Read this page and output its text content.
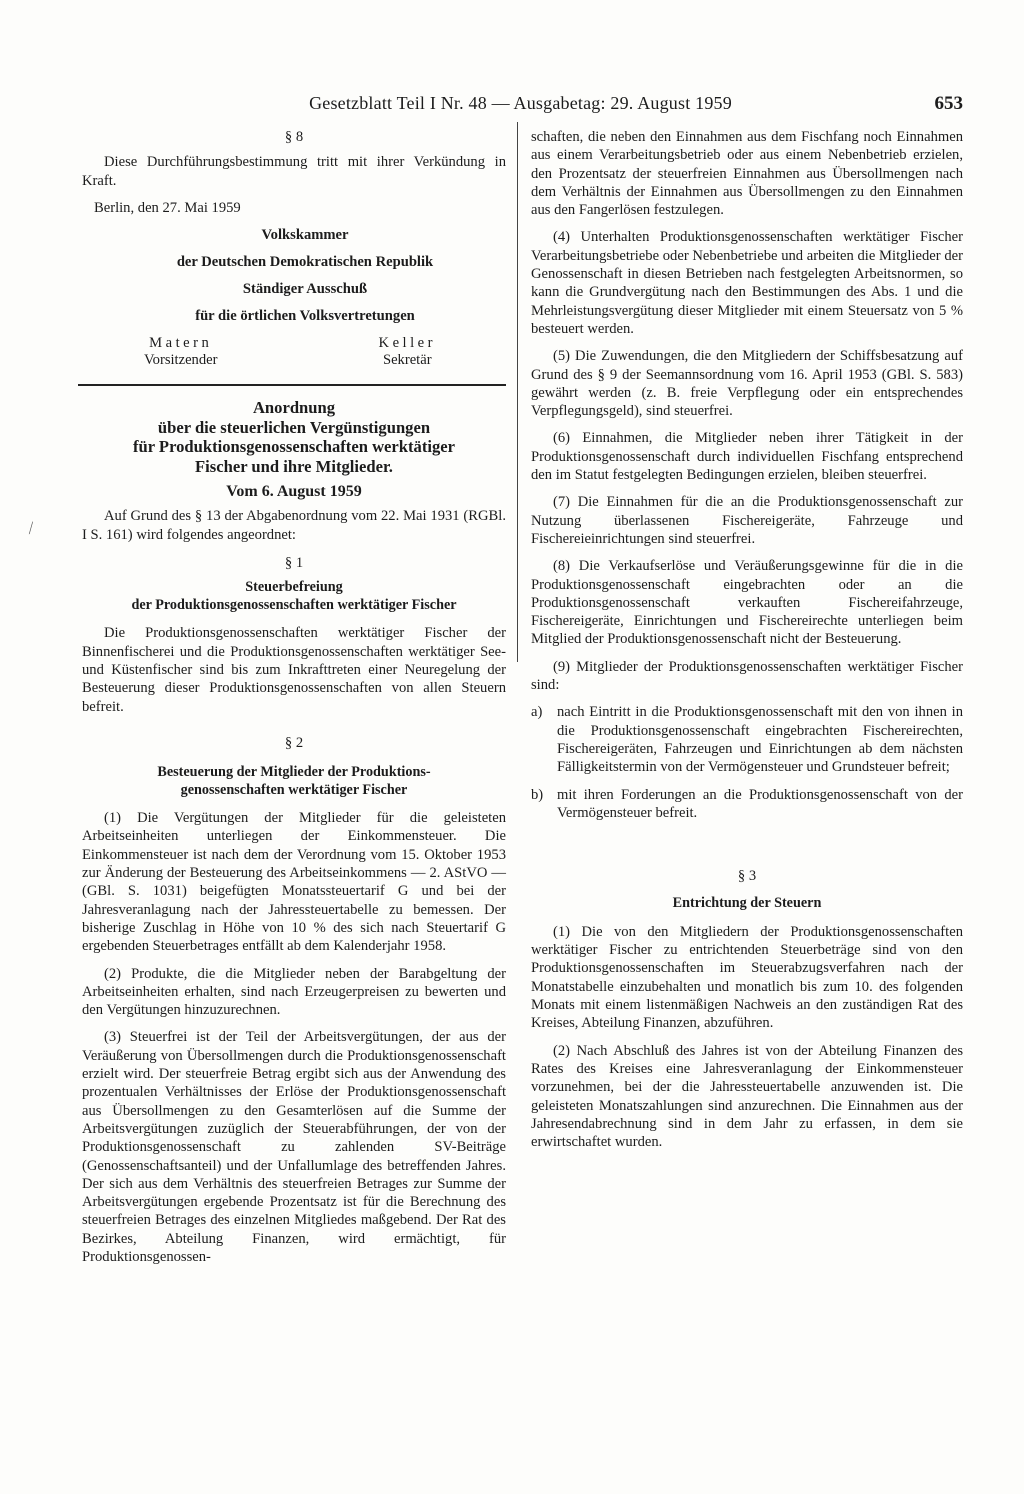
Gesetzblatt Teil I Nr. 48 — Ausgabetag: 29. August 1959	653
⁄
§ 8

Diese Durchführungsbestimmung tritt mit ihrer Verkündung in Kraft.

Berlin, den 27. Mai 1959

Volkskammer

der Deutschen Demokratischen Republik

Ständiger Ausschuß

für die örtlichen Volksvertretungen

Matern
Vorsitzender
Keller
Sekretär
Anordnung
über die steuerlichen Vergünstigungen
für Produktionsgenossenschaften werktätiger
Fischer und ihre Mitglieder.
Vom 6. August 1959

Auf Grund des § 13 der Abgabenordnung vom 22. Mai 1931 (RGBl. I S. 161) wird folgendes angeordnet:

§ 1
Steuerbefreiung
der Produktionsgenossenschaften werktätiger Fischer

Die Produktionsgenossenschaften werktätiger Fischer der Binnenfischerei und die Produktionsgenossenschaften werktätiger See- und Küstenfischer sind bis zum Inkrafttreten einer Neuregelung der Besteuerung dieser Produktionsgenossenschaften von allen Steuern befreit.

§ 2
Besteuerung der Mitglieder der Produktions-
genossenschaften werktätiger Fischer

(1) Die Vergütungen der Mitglieder für die geleisteten Arbeitseinheiten unterliegen der Einkommensteuer. Die Einkommensteuer ist nach dem der Verordnung vom 15. Oktober 1953 zur Änderung der Besteuerung des Arbeitseinkommens — 2. AStVO — (GBl. S. 1031) beigefügten Monatssteuertarif G und bei der Jahresveranlagung nach der Jahressteuertabelle zu bemessen. Der bisherige Zuschlag in Höhe von 10 % des sich nach Steuertarif G ergebenden Steuerbetrages entfällt ab dem Kalenderjahr 1958.

(2) Produkte, die die Mitglieder neben der Barabgeltung der Arbeitseinheiten erhalten, sind nach Erzeugerpreisen zu bewerten und den Vergütungen hinzuzurechnen.

(3) Steuerfrei ist der Teil der Arbeitsvergütungen, der aus der Veräußerung von Übersollmengen durch die Produktionsgenossenschaft erzielt wird. Der steuerfreie Betrag ergibt sich aus der Anwendung des prozentualen Verhältnisses der Erlöse der Produktionsgenossenschaft aus Übersollmengen zu den Gesamterlösen auf die Summe der Arbeitsvergütungen zuzüglich der Steuerabführungen, der von der Produktionsgenossenschaft zu zahlenden SV-Beiträge (Genossenschaftsanteil) und der Unfallumlage des betreffenden Jahres. Der sich aus dem Verhältnis des steuerfreien Betrages zur Summe der Arbeitsvergütungen ergebende Prozentsatz ist für die Berechnung des steuerfreien Betrages des einzelnen Mitgliedes maßgebend. Der Rat des Bezirkes, Abteilung Finanzen, wird ermächtigt, für Produktionsgenossen-

schaften, die neben den Einnahmen aus dem Fischfang noch Einnahmen aus einem Verarbeitungsbetrieb oder aus einem Nebenbetrieb erzielen, den Prozentsatz der steuerfreien Einnahmen aus Übersollmengen nach dem Verhältnis der Einnahmen aus Übersollmengen zu den Einnahmen aus den Fangerlösen festzulegen.

(4) Unterhalten Produktionsgenossenschaften werktätiger Fischer Verarbeitungsbetriebe oder Nebenbetriebe und arbeiten die Mitglieder der Genossenschaft in diesen Betrieben nach festgelegten Arbeitsnormen, so kann die Grundvergütung nach den Bestimmungen des Abs. 1 und die Mehrleistungsvergütung dieser Mitglieder mit einem Steuersatz von 5 % besteuert werden.

(5) Die Zuwendungen, die den Mitgliedern der Schiffsbesatzung auf Grund des § 9 der Seemannsordnung vom 16. April 1953 (GBl. S. 583) gewährt werden (z. B. freie Verpflegung oder ein entsprechendes Verpflegungsgeld), sind steuerfrei.

(6) Einnahmen, die Mitglieder neben ihrer Tätigkeit in der Produktionsgenossenschaft durch individuellen Fischfang entsprechend den im Statut festgelegten Bedingungen erzielen, bleiben steuerfrei.

(7) Die Einnahmen für die an die Produktionsgenossenschaft zur Nutzung überlassenen Fischereigeräte, Fahrzeuge und Fischereieinrichtungen sind steuerfrei.

(8) Die Verkaufserlöse und Veräußerungsgewinne für die in die Produktionsgenossenschaft eingebrachten oder an die Produktionsgenossenschaft verkauften Fischereifahrzeuge, Fischereigeräte, Einrichtungen und Fischereirechte unterliegen beim Mitglied der Produktionsgenossenschaft nicht der Besteuerung.

(9) Mitglieder der Produktionsgenossenschaften werktätiger Fischer sind:

a)	nach Eintritt in die Produktionsgenossenschaft mit den von ihnen in die Produktionsgenossenschaft eingebrachten Fischereirechten, Fischereigeräten, Fahrzeugen und Einrichtungen ab dem nächsten Fälligkeitstermin von der Vermögensteuer und Grundsteuer befreit;
b) mit ihren Forderungen an die Produktionsgenossenschaft von der Vermögensteuer befreit.
§ 3
Entrichtung der Steuern

(1) Die von den Mitgliedern der Produktionsgenossenschaften werktätiger Fischer zu entrichtenden Steuerbeträge sind von den Produktionsgenossenschaften im Steuerabzugsverfahren nach der Monatstabelle einzubehalten und monatlich bis zum 10. des folgenden Monats mit einem listenmäßigen Nachweis an den zuständigen Rat des Kreises, Abteilung Finanzen, abzuführen.

(2) Nach Abschluß des Jahres ist von der Abteilung Finanzen des Rates des Kreises eine Jahresveranlagung der Einkommensteuer vorzunehmen, bei der die Jahressteuertabelle anzuwenden ist. Die geleisteten Monatszahlungen sind anzurechnen. Die Einnahmen aus der Jahresendabrechnung sind in dem Jahr zu erfassen, in dem sie erwirtschaftet wurden.
